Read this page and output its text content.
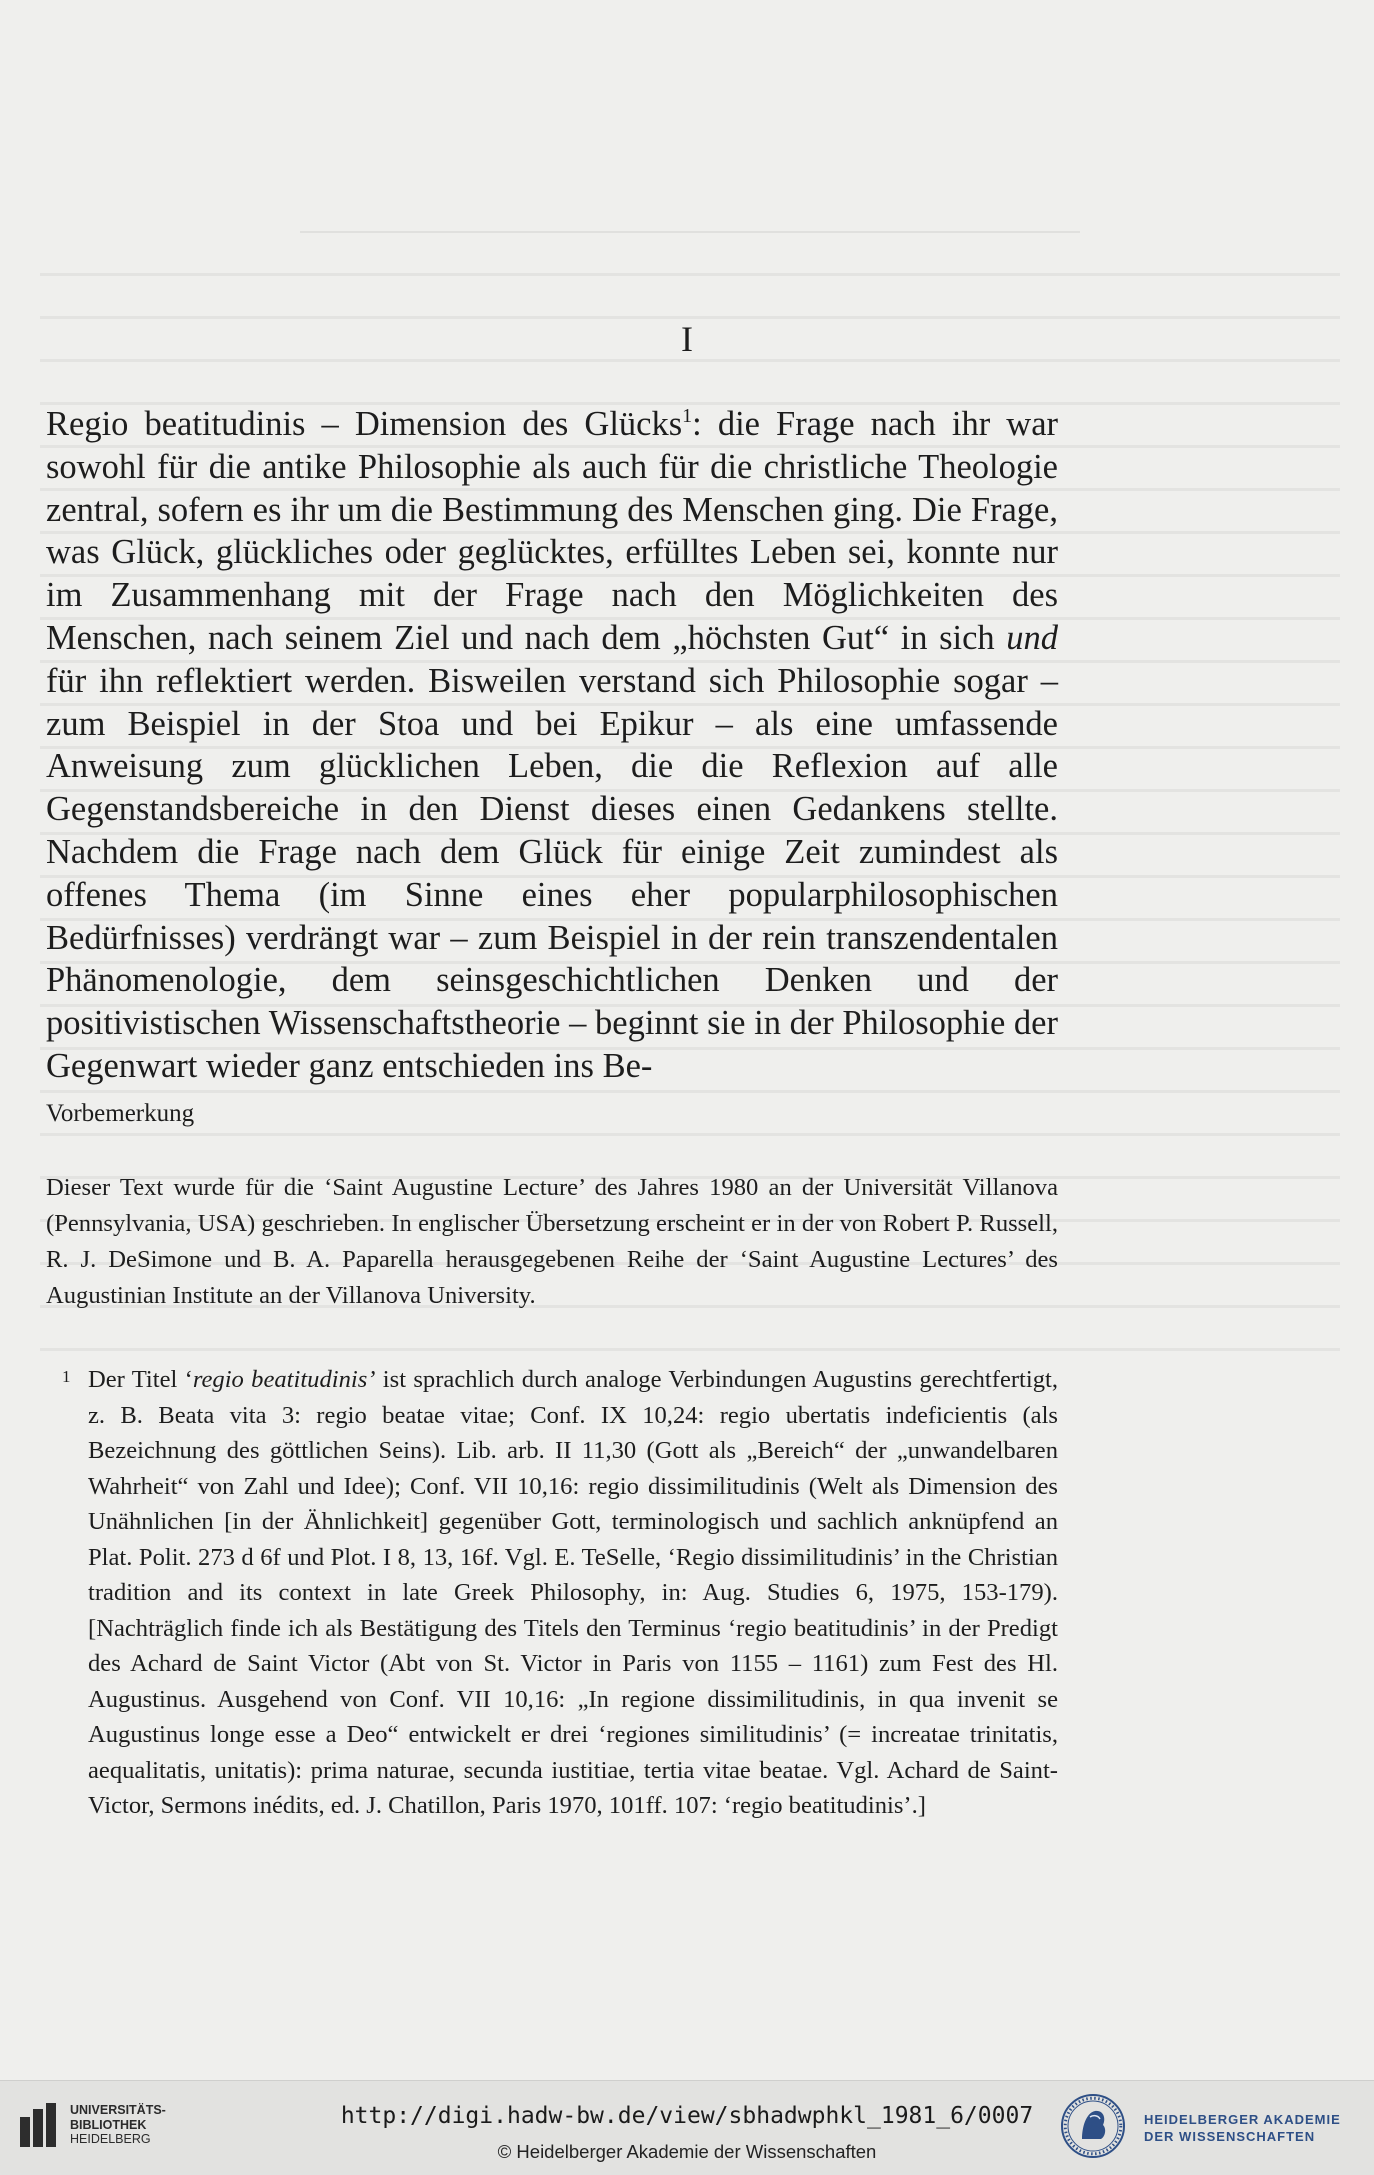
I

Regio beatitudinis – Dimension des Glücks$^1$: die Frage nach ihr war sowohl für die antike Philosophie als auch für die christliche Theologie zentral, sofern es ihr um die Bestimmung des Menschen ging. Die Frage, was Glück, glückliches oder geglücktes, erfülltes Leben sei, konnte nur im Zusammenhang mit der Frage nach den Möglichkeiten des Menschen, nach seinem Ziel und nach dem „höchsten Gut“ in sich und für ihn reflektiert werden. Bisweilen verstand sich Philosophie sogar – zum Beispiel in der Stoa und bei Epikur – als eine umfassende Anweisung zum glücklichen Leben, die die Reflexion auf alle Gegenstandsbereiche in den Dienst dieses einen Gedankens stellte. Nachdem die Frage nach dem Glück für einige Zeit zumindest als offenes Thema (im Sinne eines eher popularphilosophischen Bedürfnisses) verdrängt war – zum Beispiel in der rein transzendentalen Phänomenologie, dem seinsgeschichtlichen Denken und der positivistischen Wissenschaftstheorie – beginnt sie in der Philosophie der Gegenwart wieder ganz entschieden ins Be-

Vorbemerkung
Dieser Text wurde für die ‘Saint Augustine Lecture’ des Jahres 1980 an der Universität Villanova (Pennsylvania, USA) geschrieben. In englischer Übersetzung erscheint er in der von Robert P. Russell, R. J. DeSimone und B. A. Paparella herausgegebenen Reihe der ‘Saint Augustine Lectures’ des Augustinian Institute an der Villanova University.
1 Der Titel ‘regio beatitudinis’ ist sprachlich durch analoge Verbindungen Augustins gerechtfertigt, z. B. Beata vita 3: regio beatae vitae; Conf. IX 10,24: regio ubertatis indeficientis (als Bezeichnung des göttlichen Seins). Lib. arb. II 11,30 (Gott als „Bereich“ der „unwandelbaren Wahrheit“ von Zahl und Idee); Conf. VII 10,16: regio dissimilitudinis (Welt als Dimension des Unähnlichen [in der Ähnlichkeit] gegenüber Gott, terminologisch und sachlich anknüpfend an Plat. Polit. 273 d 6f und Plot. I 8, 13, 16f. Vgl. E. TeSelle, ‘Regio dissimilitudinis’ in the Christian tradition and its context in late Greek Philosophy, in: Aug. Studies 6, 1975, 153-179). [Nachträglich finde ich als Bestätigung des Titels den Terminus ‘regio beatitudinis’ in der Predigt des Achard de Saint Victor (Abt von St. Victor in Paris von 1155 – 1161) zum Fest des Hl. Augustinus. Ausgehend von Conf. VII 10,16: „In regione dissimilitudinis, in qua invenit se Augustinus longe esse a Deo“ entwickelt er drei ‘regiones similitudinis’ (= increatae trinitatis, aequalitatis, unitatis): prima naturae, secunda iustitiae, tertia vitae beatae. Vgl. Achard de Saint-Victor, Sermons inédits, ed. J. Chatillon, Paris 1970, 101ff. 107: ‘regio beatitudinis’.]
UNIVERSITÄTS-
BIBLIOTHEK
HEIDELBERG
http://digi.hadw-bw.de/view/sbhadwphkl_1981_6/0007
© Heidelberger Akademie der Wissenschaften
HEIDELBERGER AKADEMIE
DER WISSENSCHAFTEN
